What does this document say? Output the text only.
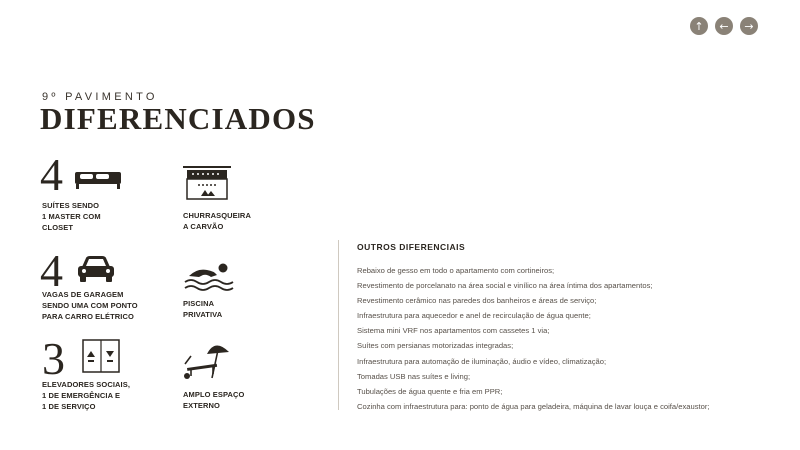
↑	←	→
9º PAVIMENTO
DIFERENCIADOS
4
SUÍTES SENDO
1 MASTER COM
CLOSET
CHURRASQUEIRA
A CARVÃO
4
VAGAS DE GARAGEM
SENDO UMA COM PONTO
PARA CARRO ELÉTRICO
PISCINA
PRIVATIVA
3
ELEVADORES SOCIAIS,
1 DE EMERGÊNCIA E
1 DE SERVIÇO
AMPLO ESPAÇO
EXTERNO
OUTROS DIFERENCIAIS
Rebaixo de gesso em todo o apartamento com cortineiros;
Revestimento de porcelanato na área social e vinílico na área íntima dos apartamentos;
Revestimento cerâmico nas paredes dos banheiros e áreas de serviço;
Infraestrutura para aquecedor e anel de recirculação de água quente;
Sistema mini VRF nos apartamentos com cassetes 1 via;
Suítes com persianas motorizadas integradas;
Infraestrutura para automação de iluminação, áudio e vídeo, climatização;
Tomadas USB nas suítes e living;
Tubulações de água quente e fria em PPR;
Cozinha com infraestrutura para: ponto de água para geladeira, máquina de lavar louça e coifa/exaustor;
